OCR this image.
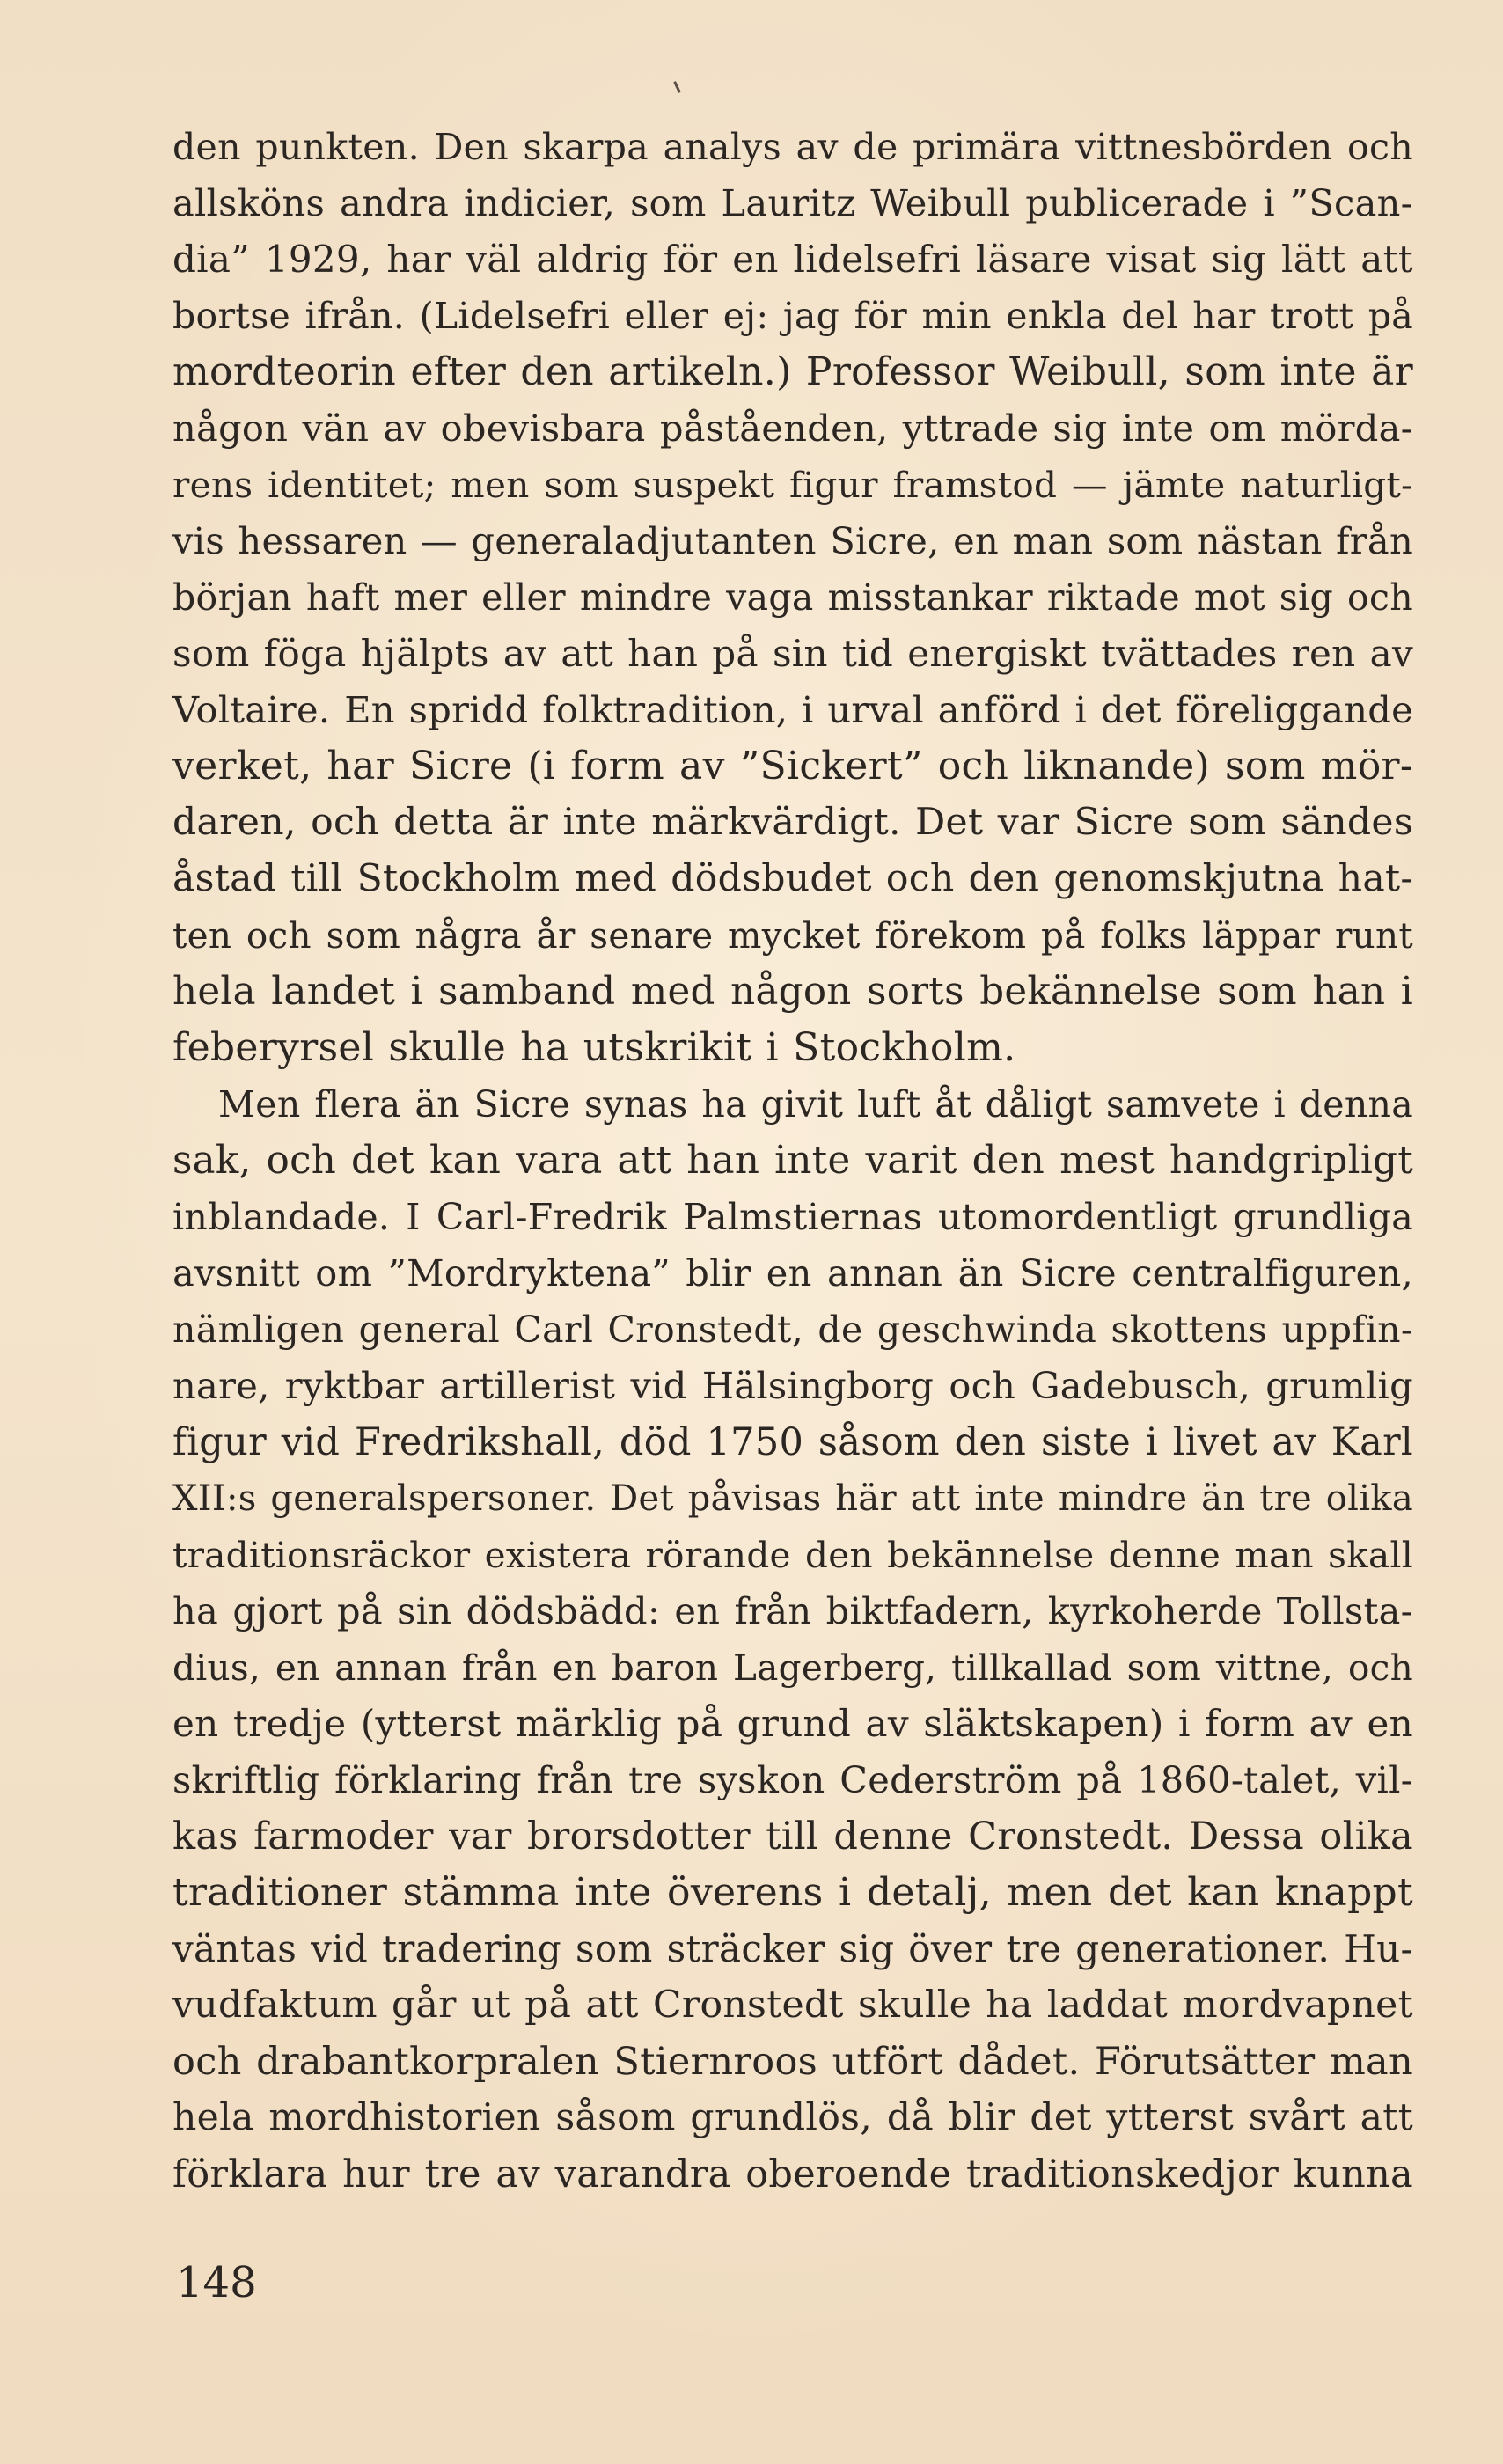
den punkten. Den skarpa analys av de primära vittnesbörden och
allsköns andra indicier, som Lauritz Weibull publicerade i ”Scan-
dia” 1929, har väl aldrig för en lidelsefri läsare visat sig lätt att
bortse ifrån. (Lidelsefri eller ej: jag för min enkla del har trott på
mordteorin efter den artikeln.) Professor Weibull, som inte är
någon vän av obevisbara påståenden, yttrade sig inte om mörda-
rens identitet; men som suspekt figur framstod — jämte naturligt-
vis hessaren — generaladjutanten Sicre, en man som nästan från
början haft mer eller mindre vaga misstankar riktade mot sig och
som föga hjälpts av att han på sin tid energiskt tvättades ren av
Voltaire. En spridd folktradition, i urval anförd i det föreliggande
verket, har Sicre (i form av ”Sickert” och liknande) som mör-
daren, och detta är inte märkvärdigt. Det var Sicre som sändes
åstad till Stockholm med dödsbudet och den genomskjutna hat-
ten och som några år senare mycket förekom på folks läppar runt
hela landet i samband med någon sorts bekännelse som han i
feberyrsel skulle ha utskrikit i Stockholm.
Men flera än Sicre synas ha givit luft åt dåligt samvete i denna
sak, och det kan vara att han inte varit den mest handgripligt
inblandade. I Carl-Fredrik Palmstiernas utomordentligt grundliga
avsnitt om ”Mordryktena” blir en annan än Sicre centralfiguren,
nämligen general Carl Cronstedt, de geschwinda skottens uppfin-
nare, ryktbar artillerist vid Hälsingborg och Gadebusch, grumlig
figur vid Fredrikshall, död 1750 såsom den siste i livet av Karl
XII:s generalspersoner. Det påvisas här att inte mindre än tre olika
traditionsräckor existera rörande den bekännelse denne man skall
ha gjort på sin dödsbädd: en från biktfadern, kyrkoherde Tollsta-
dius, en annan från en baron Lagerberg, tillkallad som vittne, och
en tredje (ytterst märklig på grund av släktskapen) i form av en
skriftlig förklaring från tre syskon Cederström på 1860-talet, vil-
kas farmoder var brorsdotter till denne Cronstedt. Dessa olika
traditioner stämma inte överens i detalj, men det kan knappt
väntas vid tradering som sträcker sig över tre generationer. Hu-
vudfaktum går ut på att Cronstedt skulle ha laddat mordvapnet
och drabantkorpralen Stiernroos utfört dådet. Förutsätter man
hela mordhistorien såsom grundlös, då blir det ytterst svårt att
förklara hur tre av varandra oberoende traditionskedjor kunna
148
